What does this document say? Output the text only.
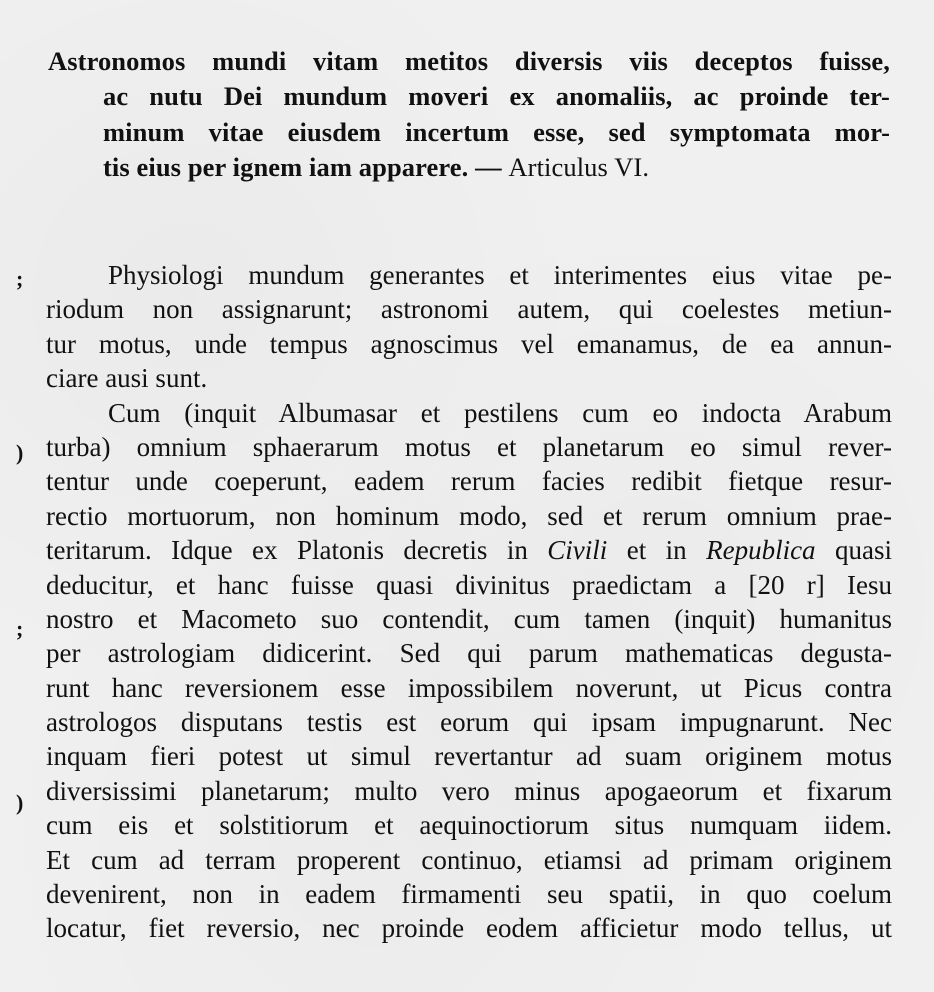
Astronomos mundi vitam metitos diversis viis deceptos fuisse,
ac nutu Dei mundum moveri ex anomaliis, ac proinde ter-
minum vitae eiusdem incertum esse, sed symptomata mor-
tis eius per ignem iam apparere. — Articulus VI.
;
)
;
)
Physiologi mundum generantes et interimentes eius vitae pe-
riodum non assignarunt; astronomi autem, qui coelestes metiun-
tur motus, unde tempus agnoscimus vel emanamus, de ea annun-
ciare ausi sunt.
Cum (inquit Albumasar et pestilens cum eo indocta Arabum
turba) omnium sphaerarum motus et planetarum eo simul rever-
tentur unde coeperunt, eadem rerum facies redibit fietque resur-
rectio mortuorum, non hominum modo, sed et rerum omnium prae-
teritarum. Idque ex Platonis decretis in Civili et in Republica quasi
deducitur, et hanc fuisse quasi divinitus praedictam a [20 r] Iesu
nostro et Macometo suo contendit, cum tamen (inquit) humanitus
per astrologiam didicerint. Sed qui parum mathematicas degusta-
runt hanc reversionem esse impossibilem noverunt, ut Picus contra
astrologos disputans testis est eorum qui ipsam impugnarunt. Nec
inquam fieri potest ut simul revertantur ad suam originem motus
diversissimi planetarum; multo vero minus apogaeorum et fixarum
cum eis et solstitiorum et aequinoctiorum situs numquam iidem.
Et cum ad terram properent continuo, etiamsi ad primam originem
devenirent, non in eadem firmamenti seu spatii, in quo coelum
locatur, fiet reversio, nec proinde eodem afficietur modo tellus, ut
